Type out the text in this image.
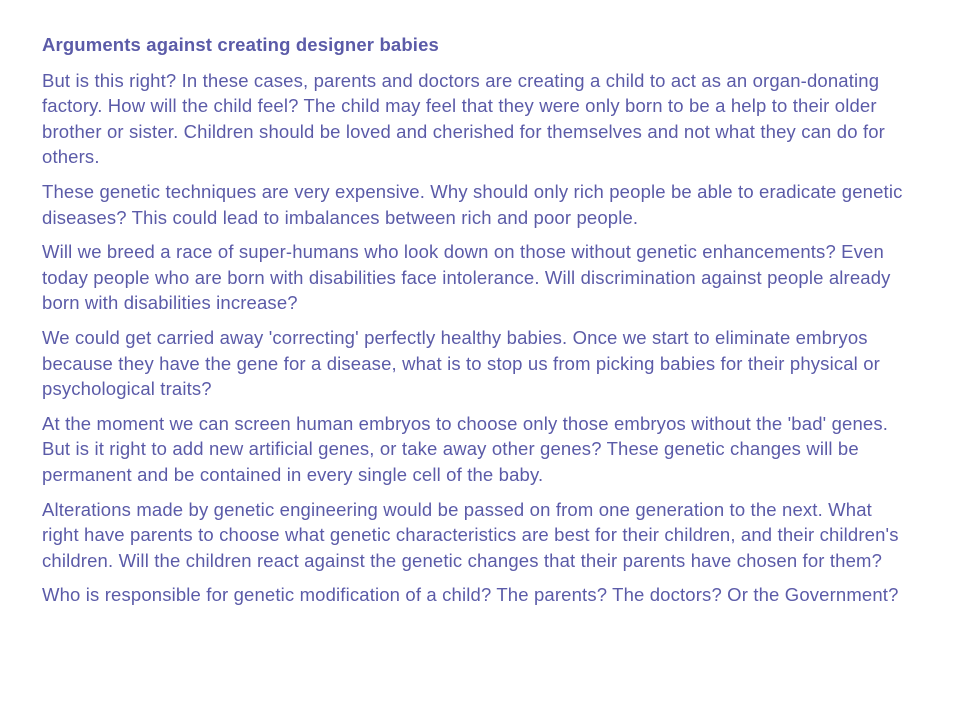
Arguments against creating designer babies
But is this right? In these cases, parents and doctors are creating a child to act as an organ-donating factory. How will the child feel? The child may feel that they were only born to be a help to their older brother or sister. Children should be loved and cherished for themselves and not what they can do for others.
These genetic techniques are very expensive. Why should only rich people be able to eradicate genetic diseases? This could lead to imbalances between rich and poor people.
Will we breed a race of super-humans who look down on those without genetic enhancements? Even today people who are born with disabilities face intolerance. Will discrimination against people already born with disabilities increase?
We could get carried away 'correcting' perfectly healthy babies. Once we start to eliminate embryos because they have the gene for a disease, what is to stop us from picking babies for their physical or psychological traits?
At the moment we can screen human embryos to choose only those embryos without the 'bad' genes. But is it right to add new artificial genes, or take away other genes? These genetic changes will be permanent and be contained in every single cell of the baby.
Alterations made by genetic engineering would be passed on from one generation to the next. What right have parents to choose what genetic characteristics are best for their children, and their children's children. Will the children react against the genetic changes that their parents have chosen for them?
Who is responsible for genetic modification of a child? The parents? The doctors? Or the Government?
